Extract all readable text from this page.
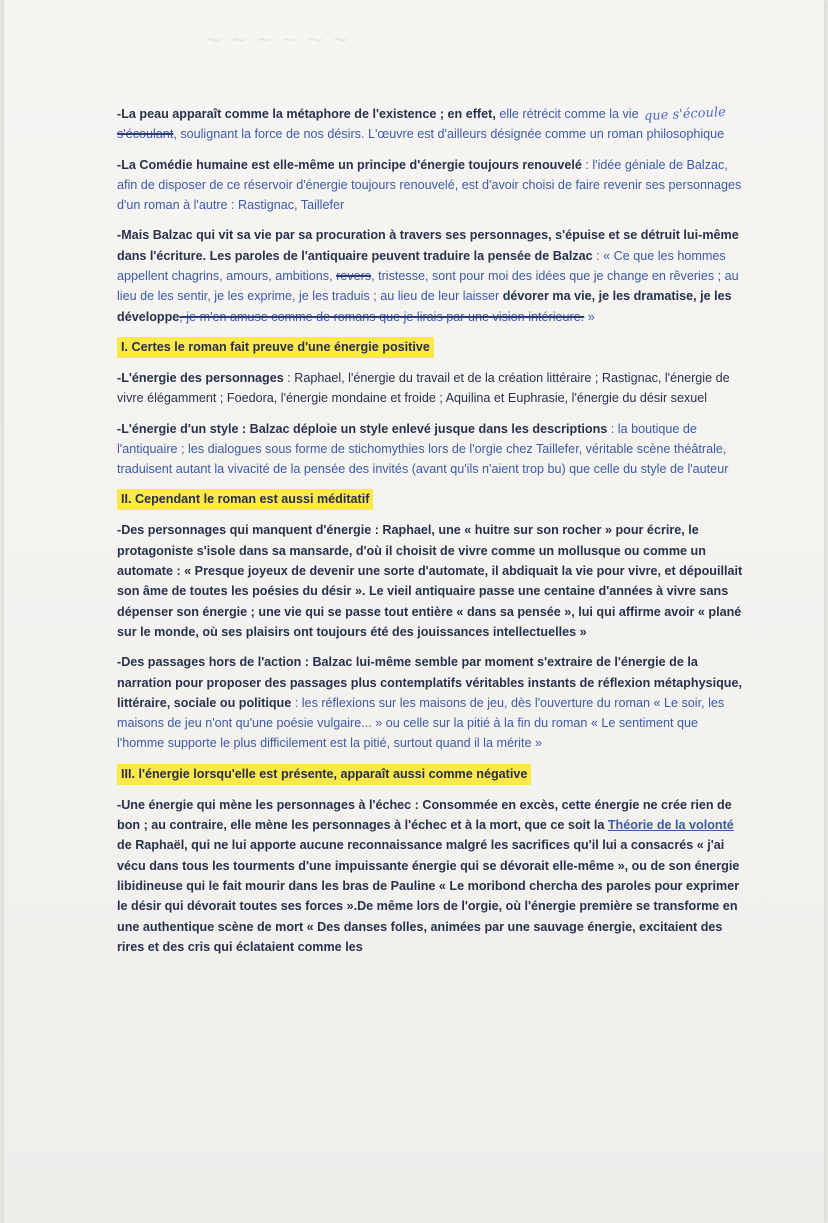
~ ~ ~ ~ ~ ~
que s'écoule

-La peau apparaît comme la métaphore de l'existence ; en effet, elle rétrécit comme la vie
s'écoulant, soulignant la force de nos désirs. L'œuvre est d'ailleurs désignée comme un roman philosophique

-La Comédie humaine est elle-même un principe d'énergie toujours renouvelé : l'idée géniale de Balzac, afin de disposer de ce réservoir d'énergie toujours renouvelé, est d'avoir choisi de faire revenir ses personnages d'un roman à l'autre : Rastignac, Taillefer

-Mais Balzac qui vit sa vie par sa procuration à travers ses personnages, s'épuise et se détruit lui-même dans l'écriture. Les paroles de l'antiquaire peuvent traduire la pensée de Balzac : « Ce que les hommes appellent chagrins, amours, ambitions, revers, tristesse, sont pour moi des idées que je change en rêveries ; au lieu de les sentir, je les exprime, je les traduis ; au lieu de leur laisser dévorer ma vie, je les dramatise, je les développe, je m'en amuse comme de romans que je lirais par une vision intérieure. »

I. Certes le roman fait preuve d'une énergie positive

-L'énergie des personnages : Raphael, l'énergie du travail et de la création littéraire ; Rastignac, l'énergie de vivre élégamment ; Foedora, l'énergie mondaine et froide ; Aquilina et Euphrasie, l'énergie du désir sexuel

-L'énergie d'un style : Balzac déploie un style enlevé jusque dans les descriptions : la boutique de l'antiquaire ; les dialogues sous forme de stichomythies lors de l'orgie chez Taillefer, véritable scène théâtrale, traduisent autant la vivacité de la pensée des invités (avant qu'ils n'aient trop bu) que celle du style de l'auteur

II. Cependant le roman est aussi méditatif

-Des personnages qui manquent d'énergie : Raphael, une « huitre sur son rocher » pour écrire, le protagoniste s'isole dans sa mansarde, d'où il choisit de vivre comme un mollusque ou comme un automate : « Presque joyeux de devenir une sorte d'automate, il abdiquait la vie pour vivre, et dépouillait son âme de toutes les poésies du désir ». Le vieil antiquaire passe une centaine d'années à vivre sans dépenser son énergie ; une vie qui se passe tout entière « dans sa pensée », lui qui affirme avoir « plané sur le monde, où ses plaisirs ont toujours été des jouissances intellectuelles »

-Des passages hors de l'action : Balzac lui-même semble par moment s'extraire de l'énergie de la narration pour proposer des passages plus contemplatifs véritables instants de réflexion métaphysique, littéraire, sociale ou politique : les réflexions sur les maisons de jeu, dès l'ouverture du roman « Le soir, les maisons de jeu n'ont qu'une poésie vulgaire... » ou celle sur la pitié à la fin du roman « Le sentiment que l'homme supporte le plus difficilement est la pitié, surtout quand il la mérite »

III. l'énergie lorsqu'elle est présente, apparaît aussi comme négative

-Une énergie qui mène les personnages à l'échec : Consommée en excès, cette énergie ne crée rien de bon ; au contraire, elle mène les personnages à l'échec et à la mort, que ce soit la Théorie de la volonté de Raphaël, qui ne lui apporte aucune reconnaissance malgré les sacrifices qu'il lui a consacrés « j'ai vécu dans tous les tourments d'une impuissante énergie qui se dévorait elle-même », ou de son énergie libidineuse qui le fait mourir dans les bras de Pauline « Le moribond chercha des paroles pour exprimer le désir qui dévorait toutes ses forces ».De même lors de l'orgie, où l'énergie première se transforme en une authentique scène de mort « Des danses folles, animées par une sauvage énergie, excitaient des rires et des cris qui éclataient comme les
